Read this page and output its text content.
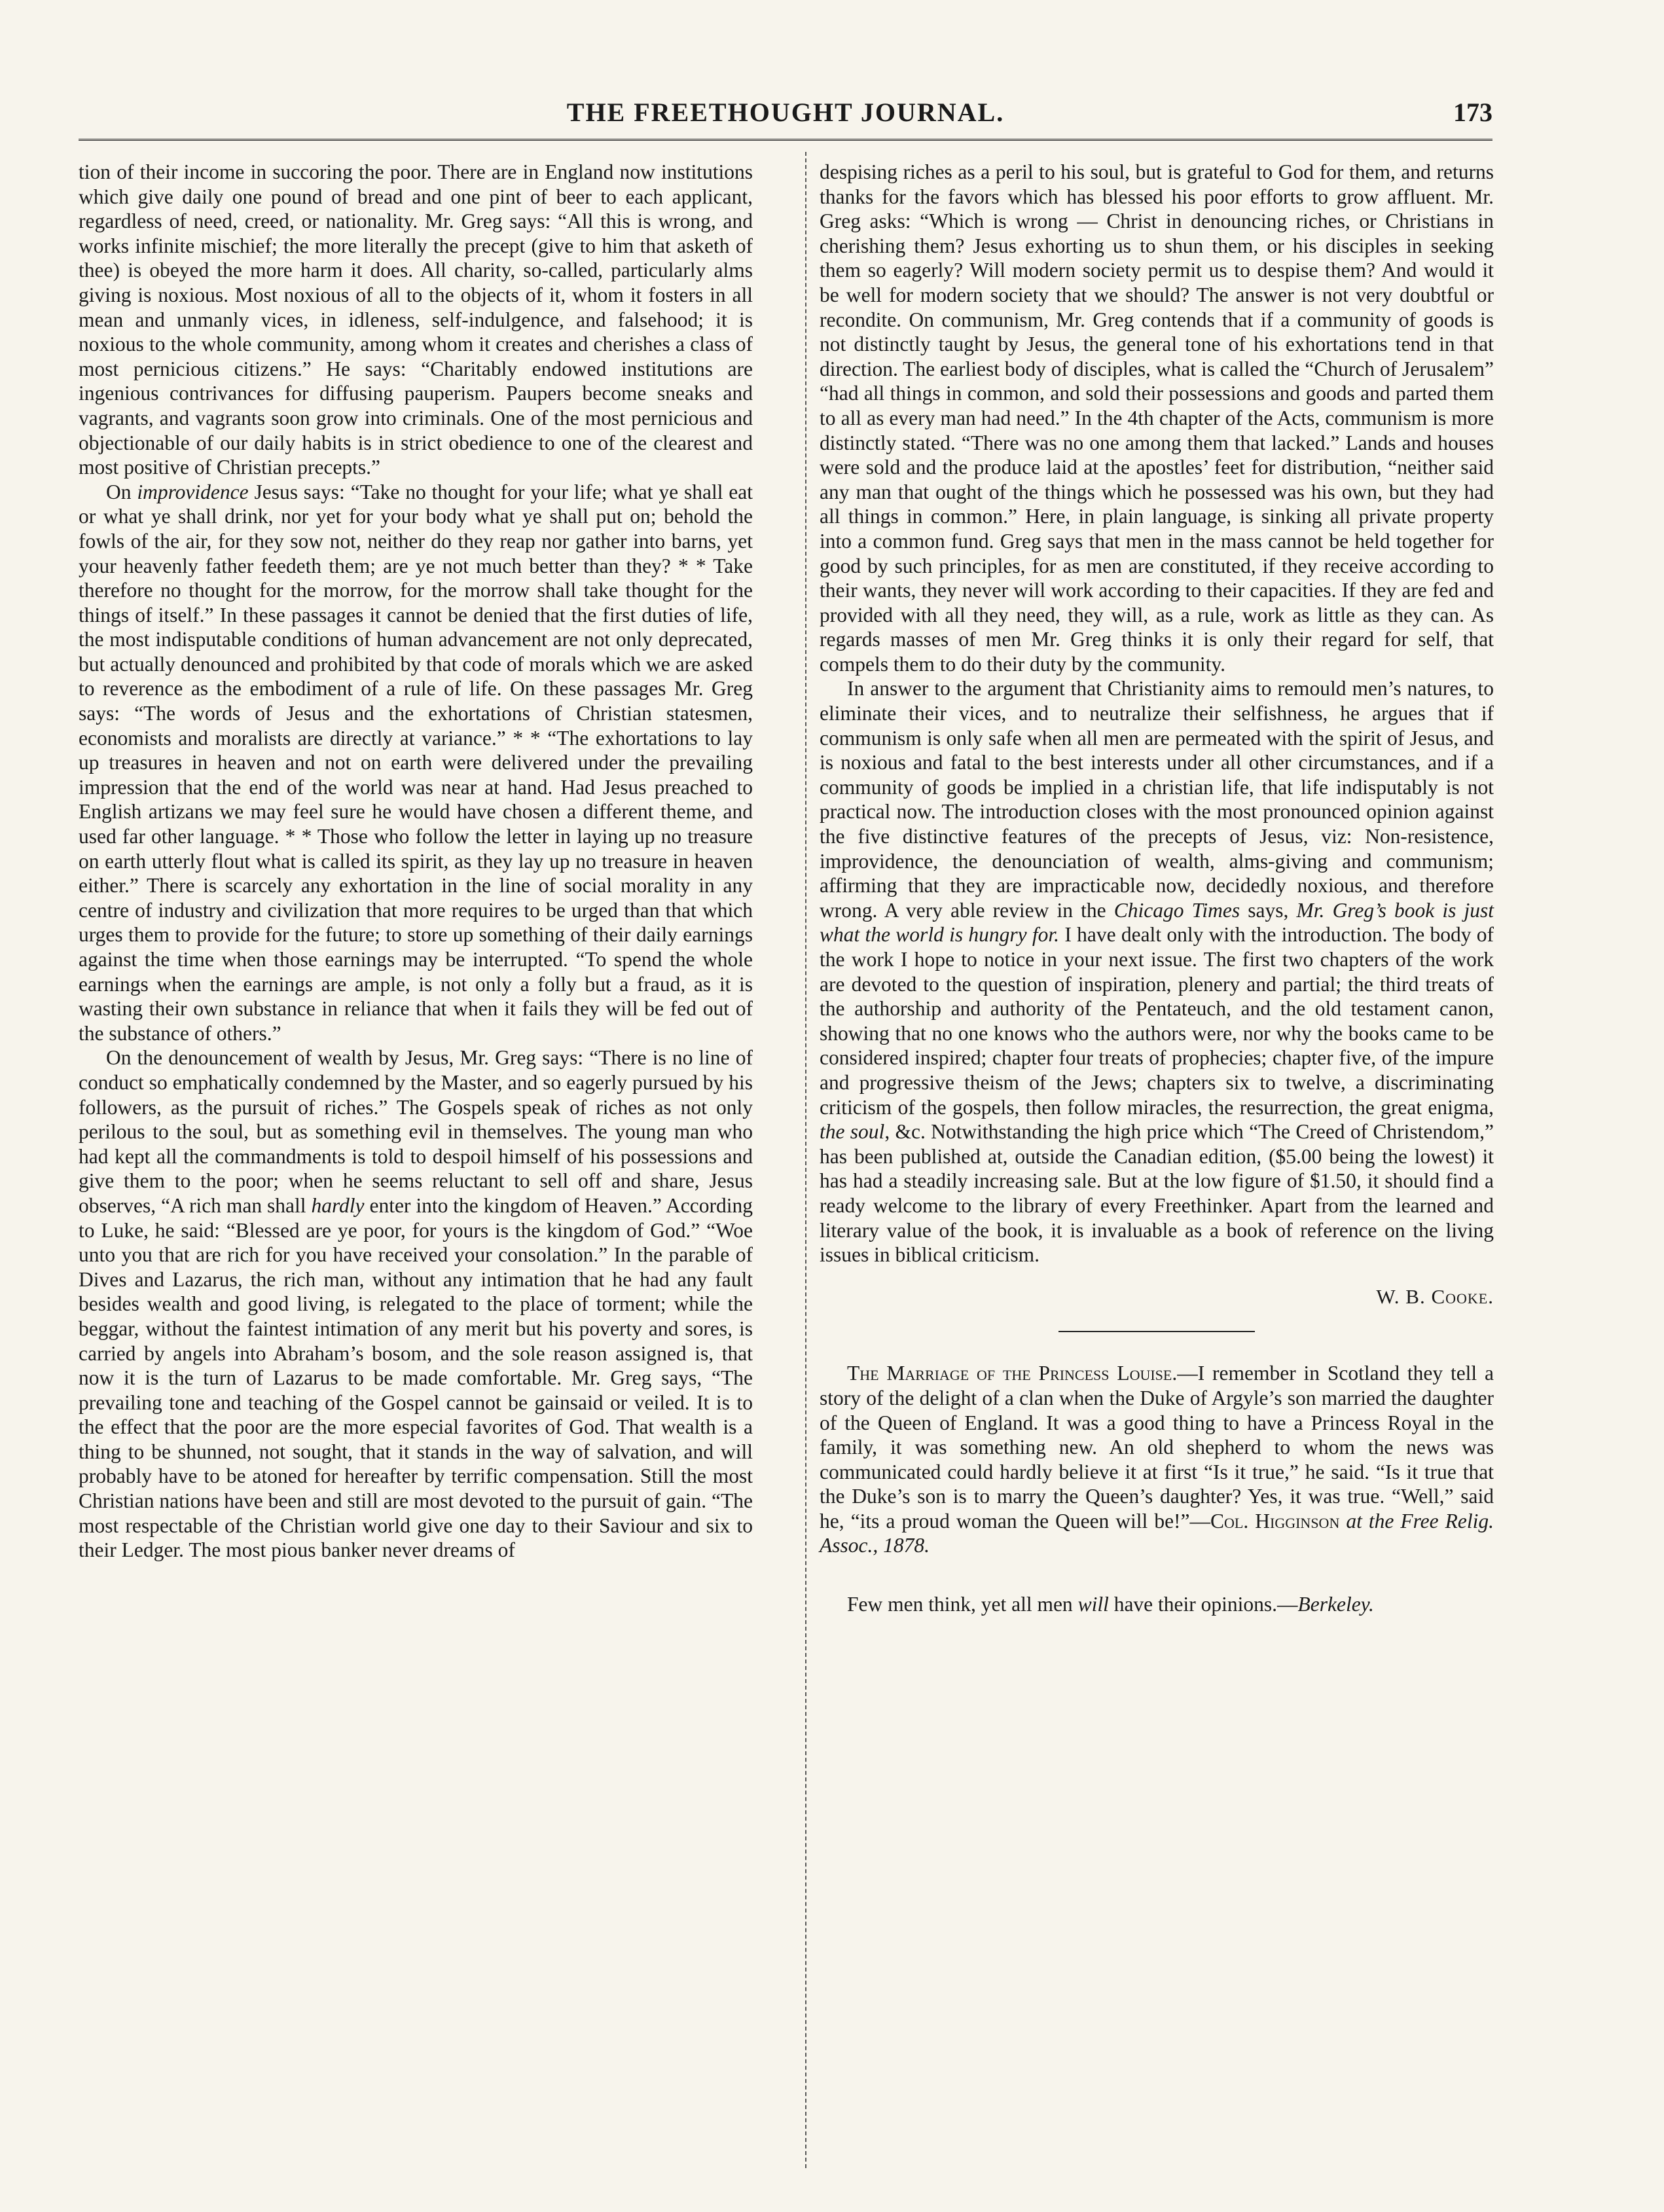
THE FREETHOUGHT JOURNAL.	173

tion of their income in succoring the poor. There are in England now institutions which give daily one pound of bread and one pint of beer to each applicant, regardless of need, creed, or nationality. Mr. Greg says: “All this is wrong, and works infinite mischief; the more literally the precept (give to him that asketh of thee) is obeyed the more harm it does. All charity, so-called, particularly alms giving is noxious. Most noxious of all to the objects of it, whom it fosters in all mean and unmanly vices, in idleness, self-indulgence, and falsehood; it is noxious to the whole community, among whom it creates and cherishes a class of most pernicious citizens.” He says: “Charitably endowed institutions are ingenious contrivances for diffusing pauperism. Paupers become sneaks and vagrants, and vagrants soon grow into criminals. One of the most pernicious and objectionable of our daily habits is in strict obedience to one of the clearest and most positive of Christian precepts.”

On improvidence Jesus says: “Take no thought for your life; what ye shall eat or what ye shall drink, nor yet for your body what ye shall put on; behold the fowls of the air, for they sow not, neither do they reap nor gather into barns, yet your heavenly father feedeth them; are ye not much better than they? * * Take therefore no thought for the morrow, for the morrow shall take thought for the things of itself.” In these passages it cannot be denied that the first duties of life, the most indisputable conditions of human advancement are not only deprecated, but actually denounced and prohibited by that code of morals which we are asked to reverence as the embodiment of a rule of life. On these passages Mr. Greg says: “The words of Jesus and the exhortations of Christian statesmen, economists and moralists are directly at variance.” * * “The exhortations to lay up treasures in heaven and not on earth were delivered under the prevailing impression that the end of the world was near at hand. Had Jesus preached to English artizans we may feel sure he would have chosen a different theme, and used far other language. * * Those who follow the letter in laying up no treasure on earth utterly flout what is called its spirit, as they lay up no treasure in heaven either.” There is scarcely any exhortation in the line of social morality in any centre of industry and civilization that more requires to be urged than that which urges them to provide for the future; to store up something of their daily earnings against the time when those earnings may be interrupted. “To spend the whole earnings when the earnings are ample, is not only a folly but a fraud, as it is wasting their own substance in reliance that when it fails they will be fed out of the substance of others.”

On the denouncement of wealth by Jesus, Mr. Greg says: “There is no line of conduct so emphatically condemned by the Master, and so eagerly pursued by his followers, as the pursuit of riches.” The Gospels speak of riches as not only perilous to the soul, but as something evil in themselves. The young man who had kept all the commandments is told to despoil himself of his possessions and give them to the poor; when he seems reluctant to sell off and share, Jesus observes, “A rich man shall hardly enter into the kingdom of Heaven.” According to Luke, he said: “Blessed are ye poor, for yours is the kingdom of God.” “Woe unto you that are rich for you have received your consolation.” In the parable of Dives and Lazarus, the rich man, without any intimation that he had any fault besides wealth and good living, is relegated to the place of torment; while the beggar, without the faintest intimation of any merit but his poverty and sores, is carried by angels into Abraham’s bosom, and the sole reason assigned is, that now it is the turn of Lazarus to be made comfortable. Mr. Greg says, “The prevailing tone and teaching of the Gospel cannot be gainsaid or veiled. It is to the effect that the poor are the more especial favorites of God. That wealth is a thing to be shunned, not sought, that it stands in the way of salvation, and will probably have to be atoned for hereafter by terrific compensation. Still the most Christian nations have been and still are most devoted to the pursuit of gain. “The most respectable of the Christian world give one day to their Saviour and six to their Ledger. The most pious banker never dreams of

despising riches as a peril to his soul, but is grateful to God for them, and returns thanks for the favors which has blessed his poor efforts to grow affluent. Mr. Greg asks: “Which is wrong — Christ in denouncing riches, or Christians in cherishing them? Jesus exhorting us to shun them, or his disciples in seeking them so eagerly? Will modern society permit us to despise them? And would it be well for modern society that we should? The answer is not very doubtful or recondite. On communism, Mr. Greg contends that if a community of goods is not distinctly taught by Jesus, the general tone of his exhortations tend in that direction. The earliest body of disciples, what is called the “Church of Jerusalem” “had all things in common, and sold their possessions and goods and parted them to all as every man had need.” In the 4th chapter of the Acts, communism is more distinctly stated. “There was no one among them that lacked.” Lands and houses were sold and the produce laid at the apostles’ feet for distribution, “neither said any man that ought of the things which he possessed was his own, but they had all things in common.” Here, in plain language, is sinking all private property into a common fund. Greg says that men in the mass cannot be held together for good by such principles, for as men are constituted, if they receive according to their wants, they never will work according to their capacities. If they are fed and provided with all they need, they will, as a rule, work as little as they can. As regards masses of men Mr. Greg thinks it is only their regard for self, that compels them to do their duty by the community.

In answer to the argument that Christianity aims to remould men’s natures, to eliminate their vices, and to neutralize their selfishness, he argues that if communism is only safe when all men are permeated with the spirit of Jesus, and is noxious and fatal to the best interests under all other circumstances, and if a community of goods be implied in a christian life, that life indisputably is not practical now. The introduction closes with the most pronounced opinion against the five distinctive features of the precepts of Jesus, viz: Non-resistence, improvidence, the denounciation of wealth, alms-giving and communism; affirming that they are impracticable now, decidedly noxious, and therefore wrong. A very able review in the Chicago Times says, Mr. Greg’s book is just what the world is hungry for. I have dealt only with the introduction. The body of the work I hope to notice in your next issue. The first two chapters of the work are devoted to the question of inspiration, plenery and partial; the third treats of the authorship and authority of the Pentateuch, and the old testament canon, showing that no one knows who the authors were, nor why the books came to be considered inspired; chapter four treats of prophecies; chapter five, of the impure and progressive theism of the Jews; chapters six to twelve, a discriminating criticism of the gospels, then follow miracles, the resurrection, the great enigma, the soul, &c. Notwithstanding the high price which “The Creed of Christendom,” has been published at, outside the Canadian edition, ($5.00 being the lowest) it has had a steadily increasing sale. But at the low figure of $1.50, it should find a ready welcome to the library of every Freethinker. Apart from the learned and literary value of the book, it is invaluable as a book of reference on the living issues in biblical criticism.

W. B. Cooke.

The Marriage of the Princess Louise.—I remember in Scotland they tell a story of the delight of a clan when the Duke of Argyle’s son married the daughter of the Queen of England. It was a good thing to have a Princess Royal in the family, it was something new. An old shepherd to whom the news was communicated could hardly believe it at first “Is it true,” he said. “Is it true that the Duke’s son is to marry the Queen’s daughter? Yes, it was true. “Well,” said he, “its a proud woman the Queen will be!”—Col. Higginson at the Free Relig. Assoc., 1878.

Few men think, yet all men will have their opinions.—Berkeley.
